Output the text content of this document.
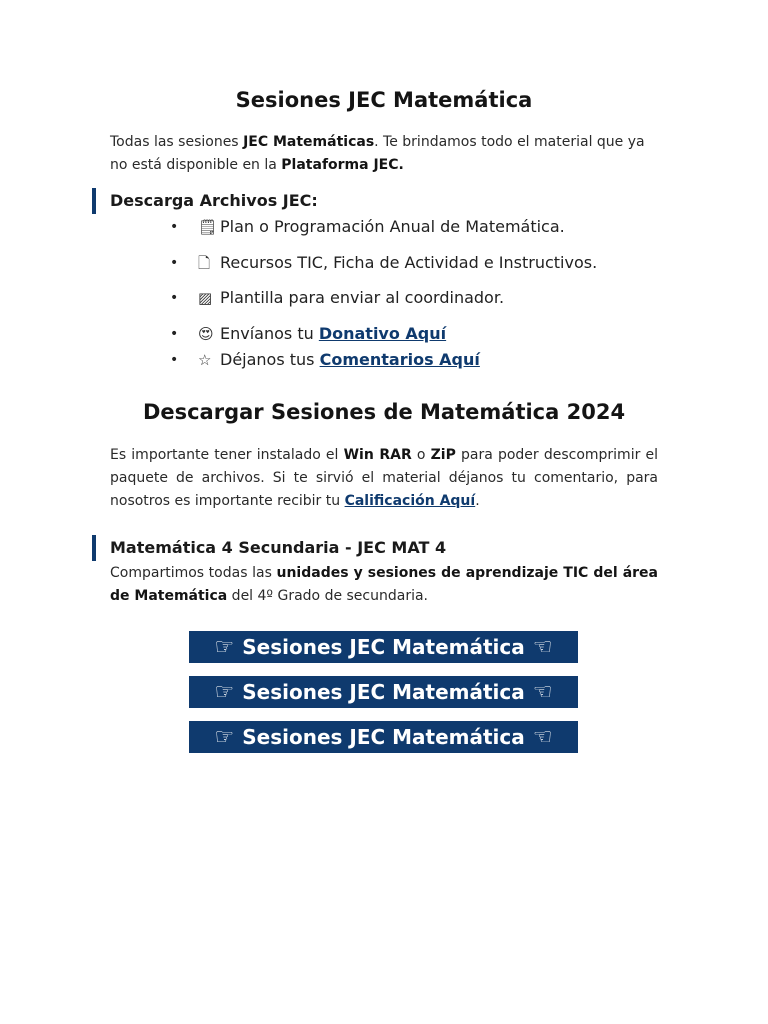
Sesiones JEC Matemática

Todas las sesiones JEC Matemáticas. Te brindamos todo el material que ya no está disponible en la Plataforma JEC.

Descarga Archivos JEC:
• 🗒 Plan o Programación Anual de Matemática.
• 🗋 Recursos TIC, Ficha de Actividad e Instructivos.
• ▨ Plantilla para enviar al coordinador.
• 😍 Envíanos tu Donativo Aquí
• ☆ Déjanos tus Comentarios Aquí
Descargar Sesiones de Matemática 2024

Es importante tener instalado el Win RAR o ZiP para poder descomprimir el paquete de archivos. Si te sirvió el material déjanos tu comentario, para nosotros es importante recibir tu Calificación Aquí.

Matemática 4 Secundaria - JEC MAT 4

Compartimos todas las unidades y sesiones de aprendizaje TIC del área de Matemática del 4º Grado de secundaria.

☞ Sesiones JEC Matemática ☜
☞ Sesiones JEC Matemática ☜
☞ Sesiones JEC Matemática ☜
